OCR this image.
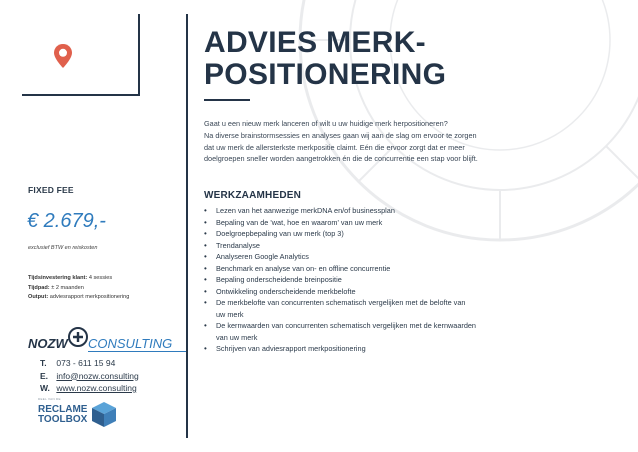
FIXED FEE
€ 2.679,-
exclusief BTW en reiskosten
Tijdsinvestering klant: 4 sessies
Tijdpad: ± 2 maanden
Output: adviesrapport merkpositionering
NOZW CONSULTING
T. 073 - 611 15 94
E. info@nozw.consulting
W. www.nozw.consulting
DEEL VAN DE
RECLAME
TOOLBOX
ADVIES MERK-
POSITIONERING
Gaat u een nieuw merk lanceren of wilt u uw huidige merk herpositioneren?
Na diverse brainstormsessies en analyses gaan wij aan de slag om ervoor te zorgen
dat uw merk de allersterkste merkpositie claimt. Eén die ervoor zorgt dat er meer
doelgroepen sneller worden aangetrokken én die de concurrentie een stap voor blijft.
WERKZAAMHEDEN
• Lezen van het aanwezige merkDNA en/of businessplan
• Bepaling van de 'wat, hoe en waarom' van uw merk
• Doelgroepbepaling van uw merk (top 3)
• Trendanalyse
• Analyseren Google Analytics
• Benchmark en analyse van on- en offline concurrentie
• Bepaling onderscheidende breinpositie
• Ontwikkeling onderscheidende merkbelofte
• De merkbelofte van concurrenten schematisch vergelijken met de belofte van
uw merk
• De kernwaarden van concurrenten schematisch vergelijken met de kernwaarden
van uw merk
• Schrijven van adviesrapport merkpositionering
